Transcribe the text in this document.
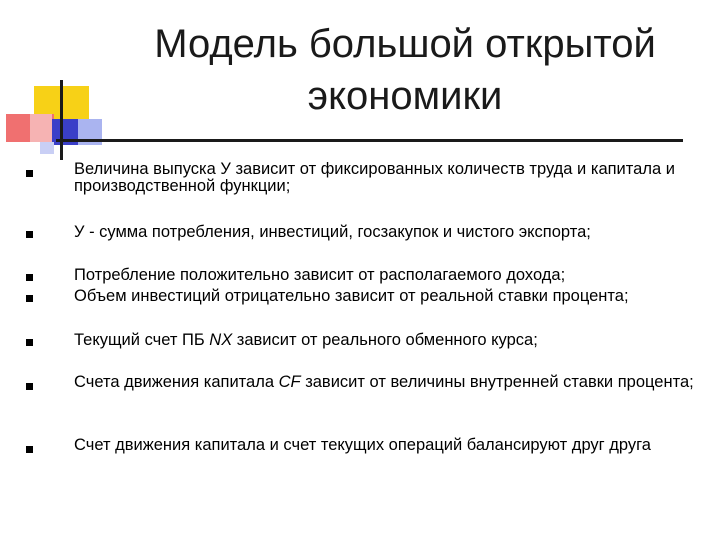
Модель большой открытой
экономики
Величина выпуска У зависит от фиксированных количеств труда и капитала и производственной функции;
У - сумма потребления, инвестиций, госзакупок и чистого экспорта;
Потребление положительно зависит от располагаемого дохода;
Объем инвестиций отрицательно зависит от реальной ставки процента;
Текущий счет ПБ NX зависит от реального обменного курса;
Счета движения капитала CF зависит от величины внутренней ставки процента;
Счет движения капитала и счет текущих операций балансируют друг друга
